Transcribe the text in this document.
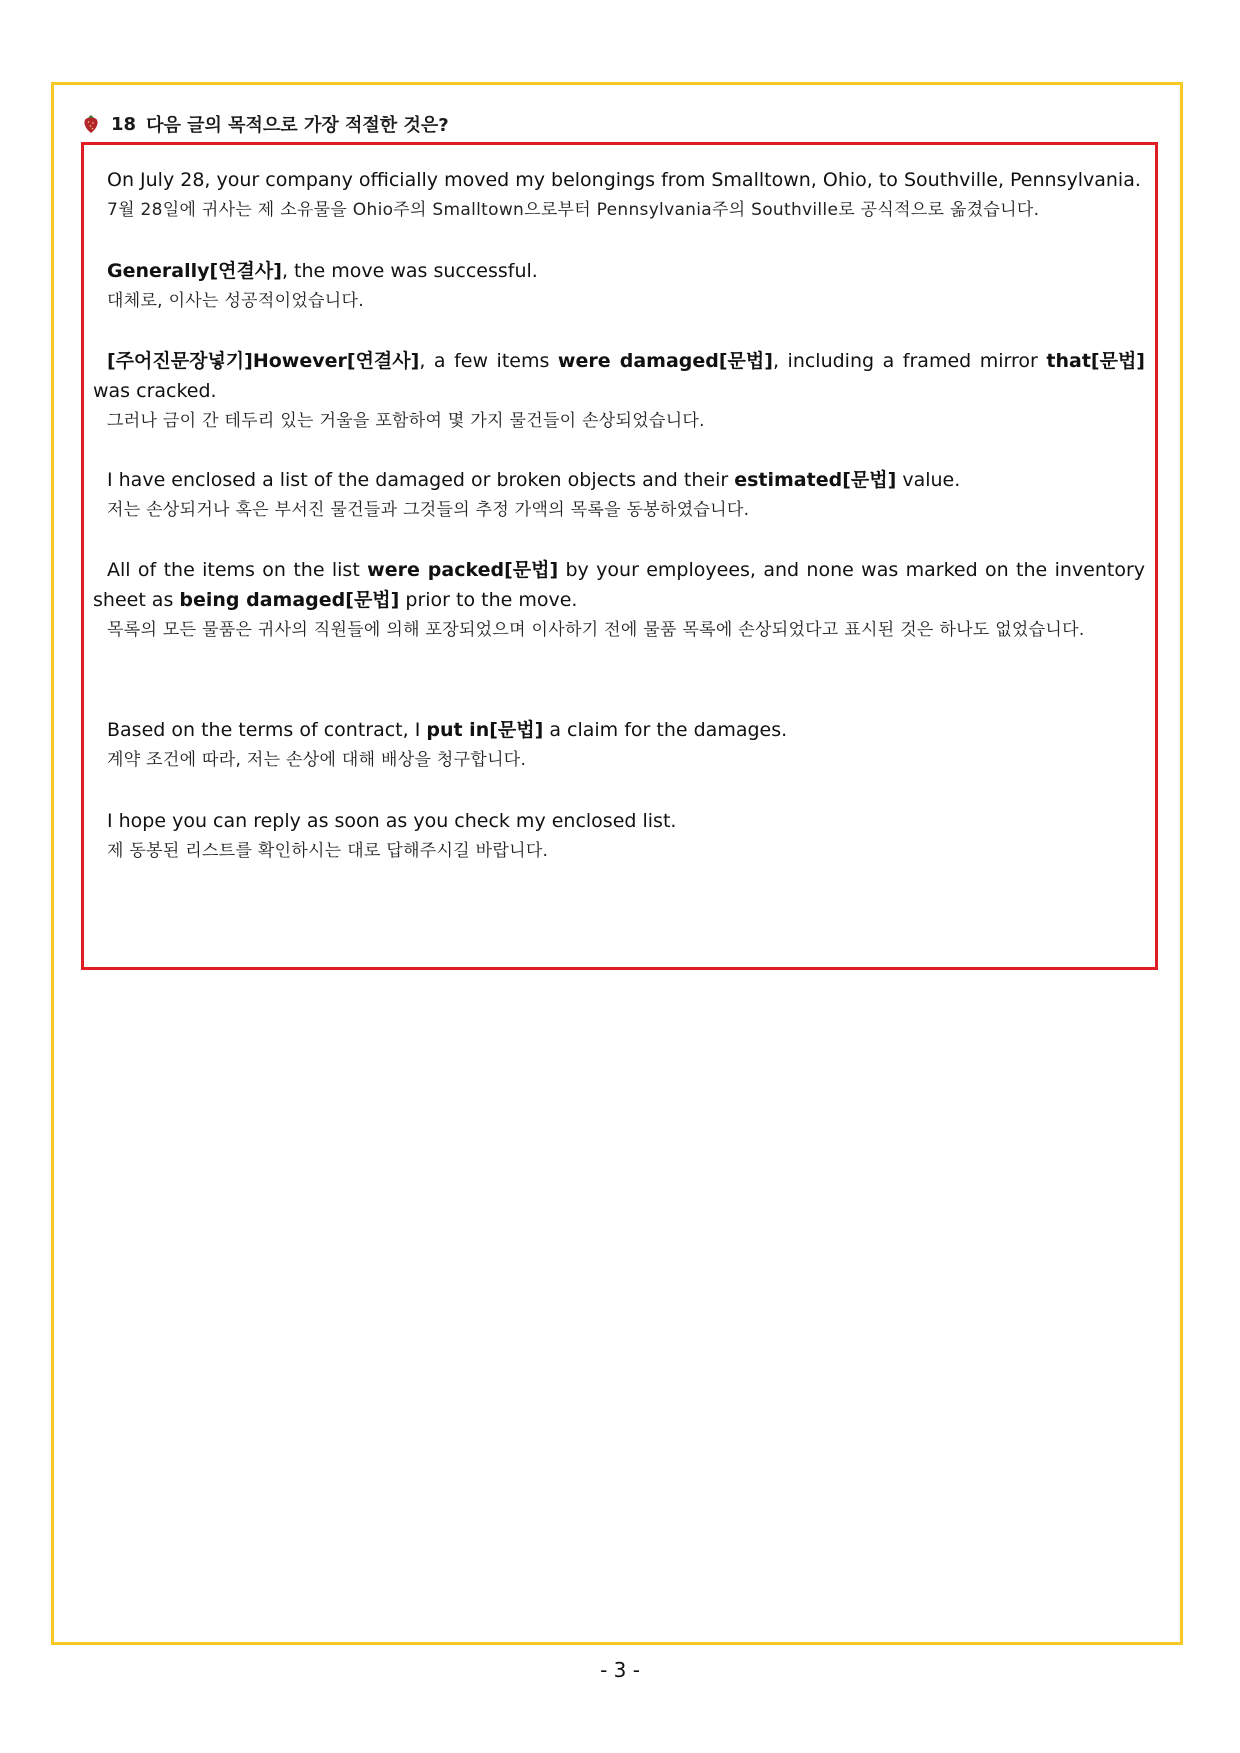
18 다음 글의 목적으로 가장 적절한 것은?

On July 28, your company officially moved my belongings from Smalltown, Ohio, to Southville, Pennsylvania.

7월 28일에 귀사는 제 소유물을 Ohio주의 Smalltown으로부터 Pennsylvania주의 Southville로 공식적으로 옮겼습니다.

Generally[연결사], the move was successful.

대체로, 이사는 성공적이었습니다.

[주어진문장넣기]However[연결사], a few items were damaged[문법], including a framed mirror that[문법] was cracked.

그러나 금이 간 테두리 있는 거울을 포함하여 몇 가지 물건들이 손상되었습니다.

I have enclosed a list of the damaged or broken objects and their estimated[문법] value.

저는 손상되거나 혹은 부서진 물건들과 그것들의 추정 가액의 목록을 동봉하였습니다.

All of the items on the list were packed[문법] by your employees, and none was marked on the inventory sheet as being damaged[문법] prior to the move.

목록의 모든 물품은 귀사의 직원들에 의해 포장되었으며 이사하기 전에 물품 목록에 손상되었다고 표시된 것은 하나도 없었습니다.

Based on the terms of contract, I put in[문법] a claim for the damages.

계약 조건에 따라, 저는 손상에 대해 배상을 청구합니다.

I hope you can reply as soon as you check my enclosed list.

제 동봉된 리스트를 확인하시는 대로 답해주시길 바랍니다.

- 3 -
